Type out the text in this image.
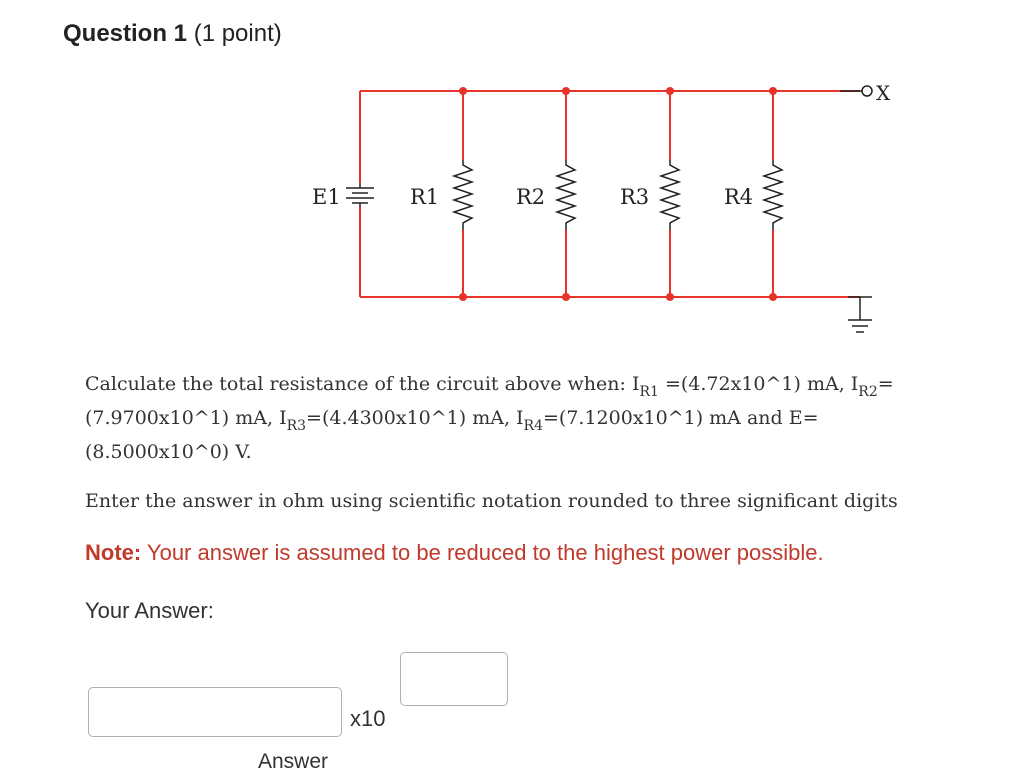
Question 1 (1 point)
X
E1	R1	R2	R3	R4
Calculate the total resistance of the circuit above when: $I_{R1}$ =(4.72x10^1) mA, $I_{R2}=(7.9700x10\^{}1)$ mA, $I_{R3}=(4.4300x10\^{}1)$ mA, $I_{R4}=(7.1200x10\^{}1)$ mA and E=
(8.5000x10^0) V.
Enter the answer in ohm using scientific notation rounded to three significant digits
Note: Your answer is assumed to be reduced to the highest power possible.
Your Answer:
x10
Answer
